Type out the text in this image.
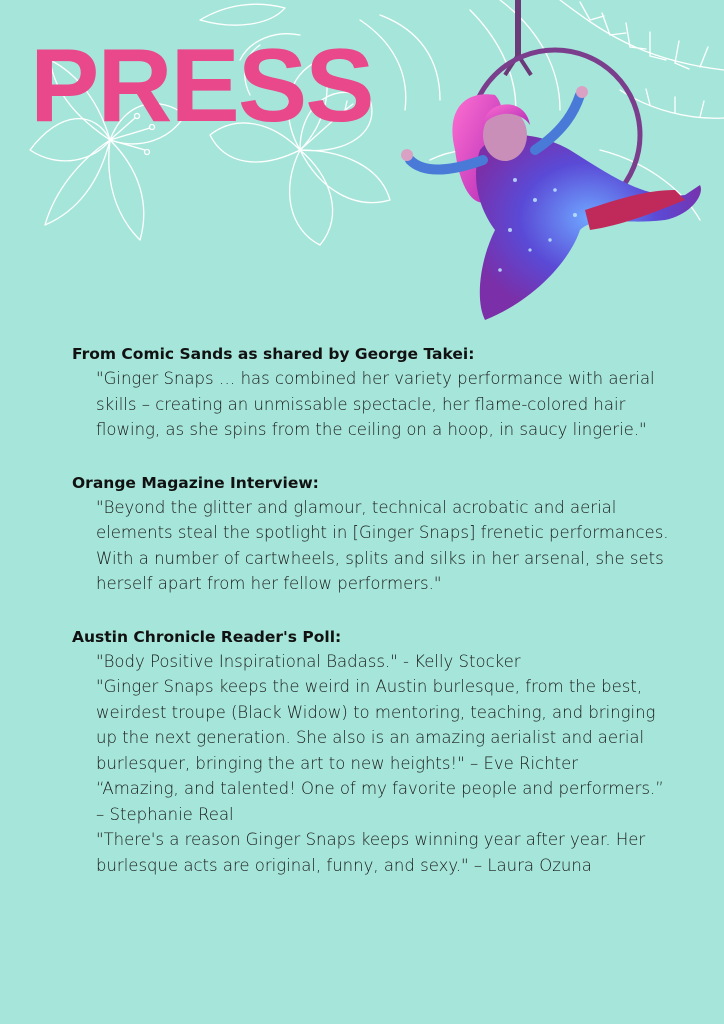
PRESS

From Comic Sands as shared by George Takei:

"Ginger Snaps … has combined her variety performance with aerial skills – creating an unmissable spectacle, her flame-colored hair flowing, as she spins from the ceiling on a hoop, in saucy lingerie."

Orange Magazine Interview:

"Beyond the glitter and glamour, technical acrobatic and aerial elements steal the spotlight in [Ginger Snaps] frenetic performances. With a number of cartwheels, splits and silks in her arsenal, she sets herself apart from her fellow performers."

Austin Chronicle Reader's Poll:

"Body Positive Inspirational Badass." - Kelly Stocker

"Ginger Snaps keeps the weird in Austin burlesque, from the best, weirdest troupe (Black Widow) to mentoring, teaching, and bringing up the next generation. She also is an amazing aerialist and aerial burlesquer, bringing the art to new heights!" – Eve Richter

“Amazing, and talented! One of my favorite people and performers.” – Stephanie Real

"There's a reason Ginger Snaps keeps winning year after year. Her burlesque acts are original, funny, and sexy." – Laura Ozuna
